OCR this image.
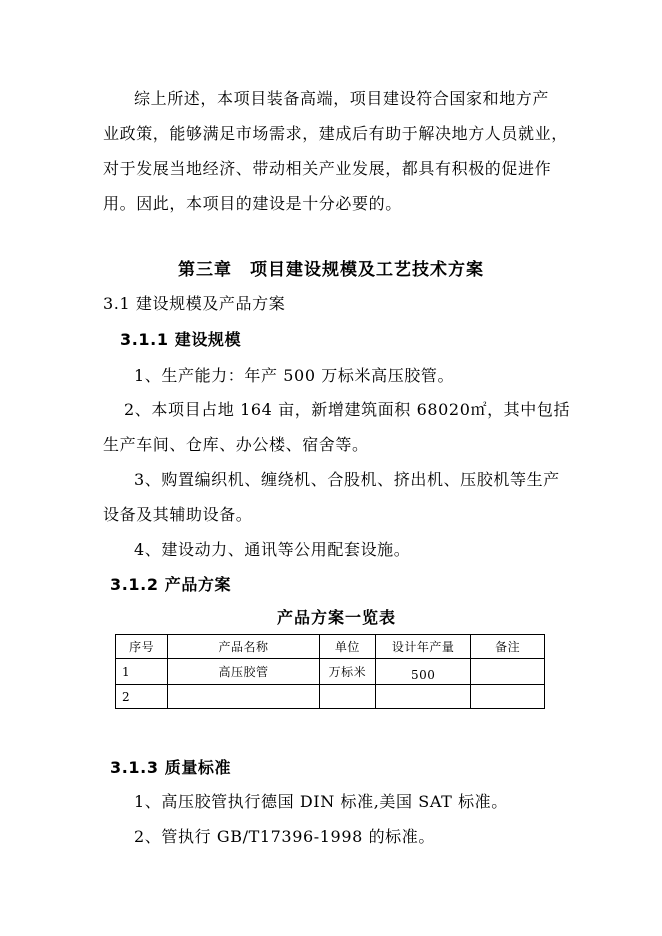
综上所述，本项目装备高端，项目建设符合国家和地方产
业政策，能够满足市场需求，建成后有助于解决地方人员就业，
对于发展当地经济、带动相关产业发展，都具有积极的促进作
用。因此，本项目的建设是十分必要的。
第三章　项目建设规模及工艺技术方案
3.1 建设规模及产品方案
3.1.1 建设规模
1、生产能力：年产 500 万标米高压胶管。
2、本项目占地 164 亩，新增建筑面积 68020㎡，其中包括
生产车间、仓库、办公楼、宿舍等。
3、购置编织机、缠绕机、合股机、挤出机、压胶机等生产
设备及其辅助设备。
4、建设动力、通讯等公用配套设施。
3.1.2 产品方案
产品方案一览表
序号	产品名称	单位	设计年产量	备注
1	高压胶管	万标米	500	
2				
3.1.3 质量标准
1、高压胶管执行德国 DIN 标准,美国 SAT 标准。
2、管执行 GB/T17396-1998 的标准。
